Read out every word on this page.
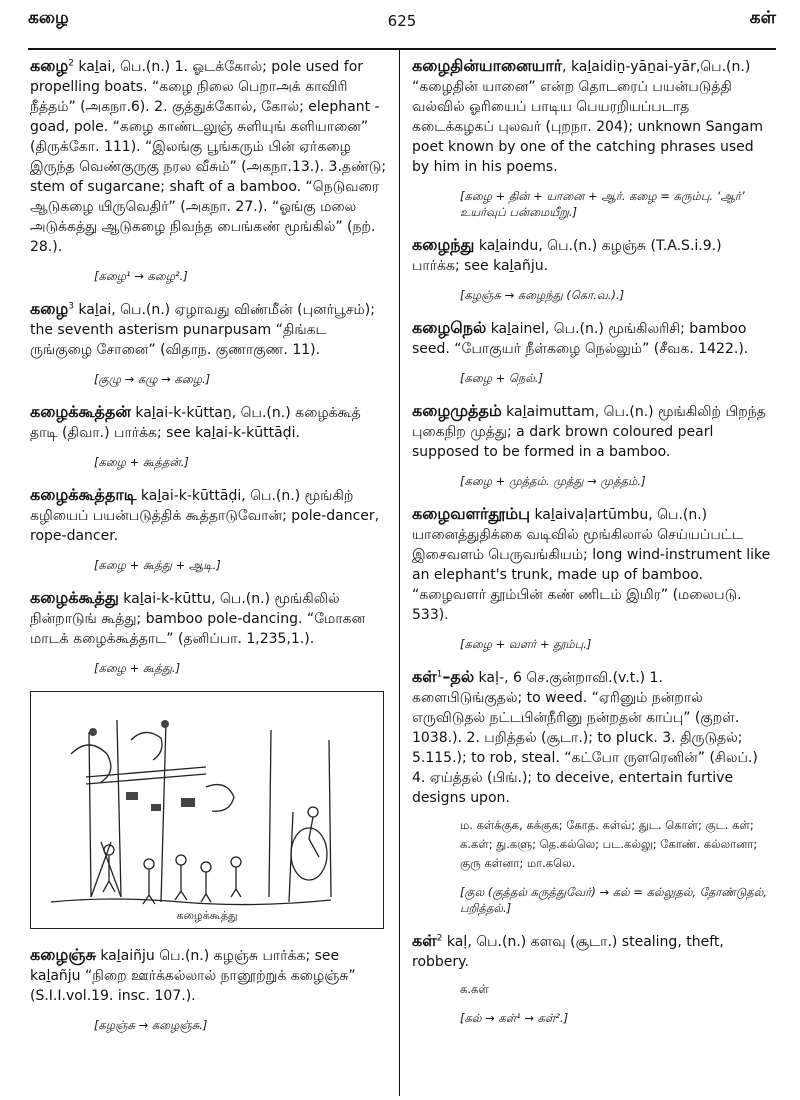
கழை	625	கள்

கழை$^2$ kaḻai, பெ.(n.) 1. ஓடக்கோல்; pole used for propelling boats. “கழை நிலை பெறாஅக் காவிரி நீத்தம்” (அகநா.6). 2. குத்துக்கோல், கோல்; elephant - goad, pole. “கழை காண்டலுஞ் சுளியுங் களியானை” (திருக்கோ. 111). “இலங்கு பூங்கரும் பின் ஏர்கழை இருந்த வெண்குருகு நரல வீசும்” (அகநா.13.). 3.தண்டு; stem of sugarcane; shaft of a bamboo. “நெடுவரை ஆடுகழை யிருவெதிர்” (அகநா. 27.). “ஓங்கு மலை அடுக்கத்து ஆடுகழை நிவந்த பைங்கண் மூங்கில்” (நற். 28.).

[கழை¹ → கழை².]

கழை$^3$ kaḻai, பெ.(n.) ஏழாவது விண்மீன் (புனர்பூசம்); the seventh asterism punarpusam “திங்கட ருங்குழை சோனை” (விதாந. குணாகுண. 11).

[குழு → கழு → கழை.]

கழைக்கூத்தன் kaḻai-k-kūttaṉ, பெ.(n.) கழைக்கூத் தாடி (திவா.) பார்க்க; see kaḻai-k-kūttāḍi.

[கழை + கூத்தன்.]

கழைக்கூத்தாடி kaḻai-k-kūttāḍi, பெ.(n.) மூங்கிற் கழியைப் பயன்படுத்திக் கூத்தாடுவோன்; pole-dancer, rope-dancer.

[கழை + கூத்து + ஆடி.]

கழைக்கூத்து kaḻai-k-kūttu, பெ.(n.) மூங்கிலில் நின்றாடுங் கூத்து; bamboo pole-dancing. “மோகன மாடக் கழைக்கூத்தாட” (தனிப்பா. 1,235,1.).

[கழை + கூத்து.]
கழைக்கூத்து

கழைஞ்சு kaḻaiñju பெ.(n.) கழஞ்சு பார்க்க; see kaḻañju “நிறை ஊர்க்கல்லால் நானூற்றுக் கழைஞ்சு” (S.I.I.vol.19. insc. 107.).

[கழஞ்சு → கழைஞ்சு.]

கழைதின்யானையார், kaḻaidiṉ-yāṉai-yār,பெ.(n.) “கழைதின் யானை” என்ற தொடரைப் பயன்படுத்தி வல்வில் ஓரியைப் பாடிய பெயரறியப்படாத கடைக்கழகப் புலவர் (புறநா. 204); unknown Sangam poet known by one of the catching phrases used by him in his poems.

[கழை + தின் + யானை + ஆர். கழை = கரும்பு. ‘ஆர்’ உயர்வுப் பன்மையீறு.]

கழைந்து kaḻaindu, பெ.(n.) கழஞ்சு (T.A.S.i.9.) பார்க்க; see kaḻañju.

[கழஞ்சு → கழைந்து (கொ.வ.).]

கழைநெல் kaḻainel, பெ.(n.) மூங்கிலரிசி; bamboo seed. “போகுயர் நீள்கழை நெல்லும்” (சீவக. 1422.).

[கழை + நெல்.]

கழைமுத்தம் kaḻaimuttam, பெ.(n.) மூங்கிலிற் பிறந்த புகைநிற முத்து; a dark brown coloured pearl supposed to be formed in a bamboo.

[கழை + முத்தம். முத்து → முத்தம்.]

கழைவளர்தூம்பு kaḻaivaḷartūmbu, பெ.(n.) யானைத்துதிக்கை வடிவில் மூங்கிலால் செய்யப்பட்ட இசைவளம் பெருவங்கியம்; long wind-instrument like an elephant's trunk, made up of bamboo. “கழைவளர் தூம்பின் கண் ணிடம் இமிர” (மலைபடு. 533).

[கழை + வளர் + தூம்பு.]

கள்$^1$–தல் kaḷ-, 6 செ.குன்றாவி.(v.t.) 1. களைபிடுங்குதல்; to weed. “ஏரினும் நன்றால் எருவிடுதல் நட்டபின்நீரினு நன்றதன் காப்பு” (குறள். 1038.). 2. பறித்தல் (சூடா.); to pluck. 3. திருடுதல்; 5.115.); to rob, steal. “கட்போ ருளரெனின்” (சிலப்.) 4. ஏய்த்தல் (பிங்.); to deceive, entertain furtive designs upon.

ம. கள்க்குக, கக்குக; கோத. கள்வ்; துட. கொள்; குட. கள்; க.கள்; து.களு; தெ.கல்லெ; பட.கல்லு; கோண். கல்லானா; குரு கள்னா; மா.கலெ.
[குல (குத்தல் கருத்துவேர்) → கல் = கல்லுதல், தோண்டுதல், பறித்தல்.]

கள்$^2$ kaḷ, பெ.(n.) களவு (சூடா.) stealing, theft, robbery.

க.கள்
[கல் → கள்¹ → கள்².]
